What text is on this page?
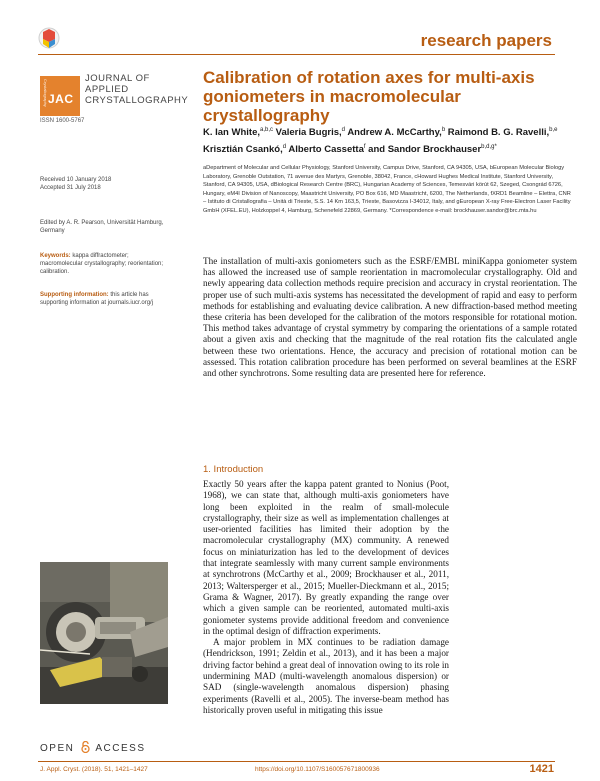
research papers
Crystallography JAC
JOURNAL OF
APPLIED
CRYSTALLOGRAPHY
ISSN 1600-5767
Calibration of rotation axes for multi-axis goniometers in macromolecular crystallography
K. Ian White,$^{a,b,c}$ Valeria Bugris,$^d$ Andrew A. McCarthy,$^b$ Raimond B. G. Ravelli,$^{b,e}$
Krisztián Csankó,$^d$ Alberto Cassetta$^f$ and Sandor Brockhauser$^{b,d,g*}$
aDepartment of Molecular and Cellular Physiology, Stanford University, Campus Drive, Stanford, CA 94305, USA, bEuropean Molecular Biology Laboratory, Grenoble Outstation, 71 avenue des Martyrs, Grenoble, 38042, France, cHoward Hughes Medical Institute, Stanford University, Stanford, CA 94305, USA, dBiological Research Centre (BRC), Hungarian Academy of Sciences, Temesvári körút 62, Szeged, Csongrád 6726, Hungary, eM4I Division of Nanoscopy, Maastricht University, PO Box 616, MD Maastricht, 6200, The Netherlands, fXRD1 Beamline – Elettra, CNR – Istituto di Cristallografia – Unità di Trieste, S.S. 14 Km 163,5, Trieste, Basovizza I-34012, Italy, and gEuropean X-ray Free-Electron Laser Facility GmbH (XFEL.EU), Holzkoppel 4, Hamburg, Schenefeld 22869, Germany. *Correspondence e-mail: brockhauser.sandor@brc.mta.hu
Received 10 January 2018
Accepted 31 July 2018
Edited by A. R. Pearson, Universität Hamburg, Germany
Keywords: kappa diffractometer; macromolecular crystallography; reorientation; calibration.
Supporting information: this article has supporting information at journals.iucr.org/j
The installation of multi-axis goniometers such as the ESRF/EMBL miniKappa goniometer system has allowed the increased use of sample reorientation in macromolecular crystallography. Old and newly appearing data collection methods require precision and accuracy in crystal reorientation. The proper use of such multi-axis systems has necessitated the development of rapid and easy to perform methods for establishing and evaluating device calibration. A new diffraction-based method meeting these criteria has been developed for the calibration of the motors responsible for rotational motion. This method takes advantage of crystal symmetry by comparing the orientations of a sample rotated about a given axis and checking that the magnitude of the real rotation fits the calculated angle between these two orientations. Hence, the accuracy and precision of rotational motion can be assessed. This rotation calibration procedure has been performed on several beamlines at the ESRF and other synchrotrons. Some resulting data are presented here for reference.
1. Introduction

Exactly 50 years after the kappa patent granted to Nonius (Poot, 1968), we can state that, although multi-axis goniometers have long been exploited in the realm of small-molecule crystallography, their size as well as implementation challenges at user-oriented facilities has limited their adoption by the macromolecular crystallography (MX) community. A renewed focus on miniaturization has led to the development of devices that integrate seamlessly with many current sample environments at synchrotrons (McCarthy et al., 2009; Brockhauser et al., 2011, 2013; Waltersperger et al., 2015; Mueller-Dieckmann et al., 2015; Grama & Wagner, 2017). By greatly expanding the range over which a given sample can be reoriented, automated multi-axis goniometer systems provide additional freedom and convenience in the optimal design of diffraction experiments.

A major problem in MX continues to be radiation damage (Hendrickson, 1991; Zeldin et al., 2013), and it has been a major driving factor behind a great deal of innovation owing to its role in undermining MAD (multi-wavelength anomalous dispersion) or SAD (single-wavelength anomalous dispersion) phasing experiments (Ravelli et al., 2005). The inverse-beam method has historically proven useful in mitigating this issue

OPEN ACCESS
J. Appl. Cryst. (2018). 51, 1421–1427	https://doi.org/10.1107/S160057671800936	1421
